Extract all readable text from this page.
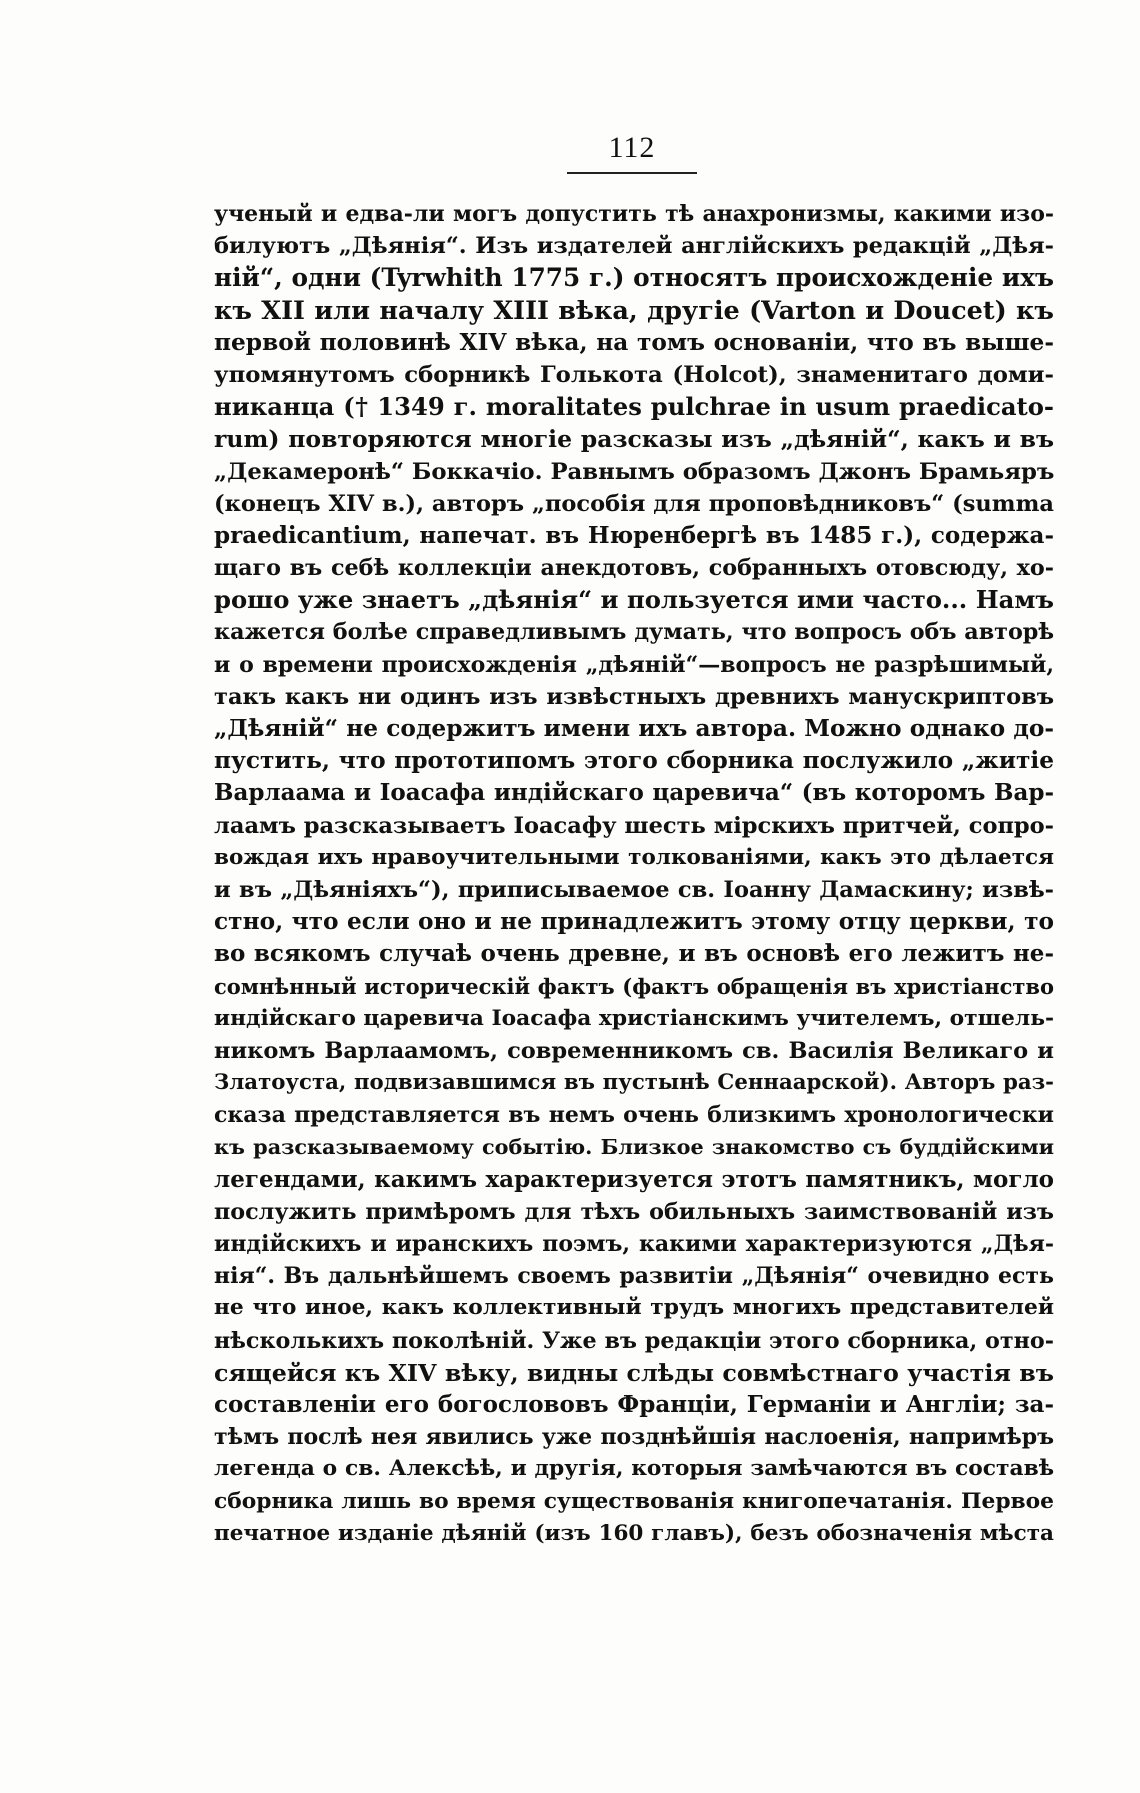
112
ученый и едва-ли могъ допустить тѣ анахронизмы, какими изо-
билуютъ „Дѣянія“. Изъ издателей англійскихъ редакцій „Дѣя-
ній“, одни (Tyrwhith 1775 г.) относятъ происхожденіе ихъ
къ XII или началу XIII вѣка, другіе (Varton и Doucet) къ
первой половинѣ XIV вѣка, на томъ основаніи, что въ выше-
упомянутомъ сборникѣ Голькота (Holcot), знаменитаго доми-
никанца († 1349 г. moralitates pulchrae in usum praedicato-
rum) повторяются многіе разсказы изъ „дѣяній“, какъ и въ
„Декамеронѣ“ Боккачіо. Равнымъ образомъ Джонъ Брамьяръ
(конецъ XIV в.), авторъ „пособія для проповѣдниковъ“ (summa
praedicantium, напечат. въ Нюренбергѣ въ 1485 г.), содержа-
щаго въ себѣ коллекціи анекдотовъ, собранныхъ отовсюду, хо-
рошо уже знаетъ „дѣянія“ и пользуется ими часто... Намъ
кажется болѣе справедливымъ думать, что вопросъ объ авторѣ
и о времени происхожденія „дѣяній“—вопросъ не разрѣшимый,
такъ какъ ни одинъ изъ извѣстныхъ древнихъ манускриптовъ
„Дѣяній“ не содержитъ имени ихъ автора. Можно однако до-
пустить, что прототипомъ этого сборника послужило „житіе
Варлаама и Іоасафа индійскаго царевича“ (въ которомъ Вар-
лаамъ разсказываетъ Іоасафу шесть мірскихъ притчей, сопро-
вождая ихъ нравоучительными толкованіями, какъ это дѣлается
и въ „Дѣяніяхъ“), приписываемое св. Іоанну Дамаскину; извѣ-
стно, что если оно и не принадлежитъ этому отцу церкви, то
во всякомъ случаѣ очень древне, и въ основѣ его лежитъ не-
сомнѣнный историческій фактъ (фактъ обращенія въ христіанство
индійскаго царевича Іоасафа христіанскимъ учителемъ, отшель-
никомъ Варлаамомъ, современникомъ св. Василія Великаго и
Златоуста, подвизавшимся въ пустынѣ Сеннаарской). Авторъ раз-
сказа представляется въ немъ очень близкимъ хронологически
къ разсказываемому событію. Близкое знакомство съ буддійскими
легендами, какимъ характеризуется этотъ памятникъ, могло
послужить примѣромъ для тѣхъ обильныхъ заимствованій изъ
индійскихъ и иранскихъ поэмъ, какими характеризуются „Дѣя-
нія“. Въ дальнѣйшемъ своемъ развитіи „Дѣянія“ очевидно есть
не что иное, какъ коллективный трудъ многихъ представителей
нѣсколькихъ поколѣній. Уже въ редакціи этого сборника, отно-
сящейся къ XIV вѣку, видны слѣды совмѣстнаго участія въ
составленіи его богослововъ Франціи, Германіи и Англіи; за-
тѣмъ послѣ нея явились уже позднѣйшія наслоенія, напримѣръ
легенда о св. Алексѣѣ, и другія, которыя замѣчаются въ составѣ
сборника лишь во время существованія книгопечатанія. Первое
печатное изданіе дѣяній (изъ 160 главъ), безъ обозначенія мѣста
